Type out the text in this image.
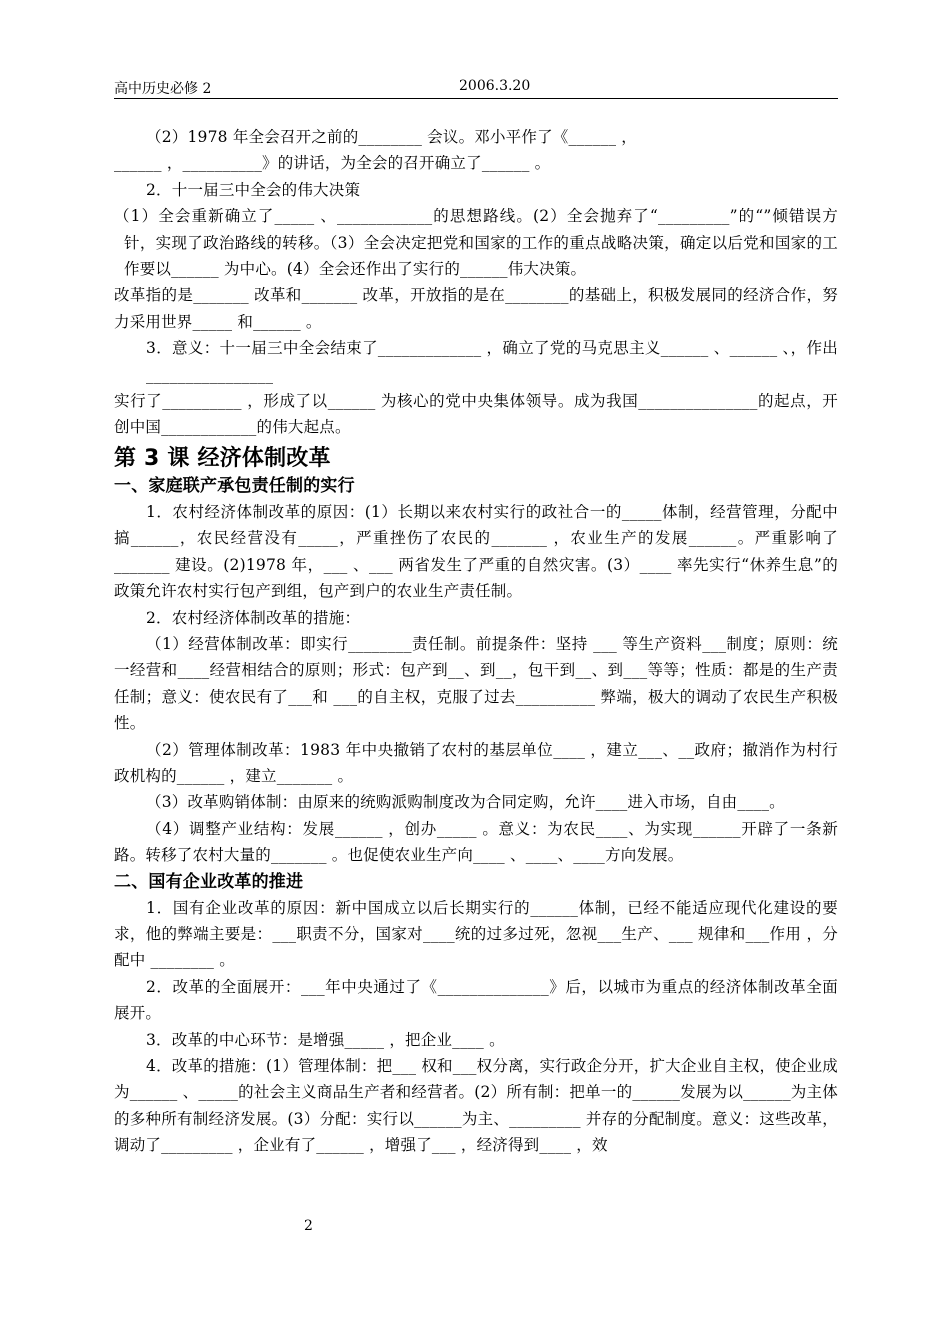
高中历史必修 2	2006.3.20

（2）1978 年全会召开之前的________ 会议。邓小平作了《______ ，

______ ，__________》的讲话，为全会的召开确立了______ 。

2．十一届三中全会的伟大决策

（1）全会重新确立了_____ 、____________的思想路线。(2）全会抛弃了“_________”的“”倾错误方针，实现了政治路线的转移。（3）全会决定把党和国家的工作的重点战略决策，确定以后党和国家的工作要以______ 为中心。(4）全会还作出了实行的______伟大决策。

改革指的是_______ 改革和_______ 改革，开放指的是在________的基础上，积极发展同的经济合作，努力采用世界_____ 和______ 。

3．意义：十一届三中全会结束了_____________ ，确立了党的马克思主义______ 、______ 、，作出________________

实行了__________ ，形成了以______ 为核心的党中央集体领导。成为我国_______________的起点，开创中国____________的伟大起点。

第 3 课 经济体制改革

一、家庭联产承包责任制的实行

1．农村经济体制改革的原因：(1）长期以来农村实行的政社合一的_____体制，经营管理，分配中搞______，农民经营没有_____，严重挫伤了农民的_______ ，农业生产的发展______。严重影响了_______ 建设。(2)1978 年，___ 、___ 两省发生了严重的自然灾害。(3）____ 率先实行“休养生息”的政策允许农村实行包产到组，包产到户的农业生产责任制。

2．农村经济体制改革的措施：

（1）经营体制改革：即实行________责任制。前提条件：坚持 ___ 等生产资料___制度；原则：统一经营和____经营相结合的原则；形式：包产到__、到__，包干到__、到___等等；性质：都是的生产责任制；意义：使农民有了___和 ___的自主权，克服了过去__________ 弊端，极大的调动了农民生产积极性。

（2）管理体制改革：1983 年中央撤销了农村的基层单位____ ，建立___、__政府；撤消作为村行政机构的______ ，建立_______ 。

（3）改革购销体制：由原来的统购派购制度改为合同定购，允许____进入市场，自由____。

（4）调整产业结构：发展______ ，创办_____ 。意义：为农民____、为实现______开辟了一条新路。转移了农村大量的_______ 。也促使农业生产向____ 、____、____方向发展。

二、国有企业改革的推进

1．国有企业改革的原因：新中国成立以后长期实行的______体制，已经不能适应现代化建设的要求，他的弊端主要是：___职责不分，国家对____统的过多过死，忽视___生产、___ 规律和___作用 ，分配中 ________ 。

2．改革的全面展开：___年中央通过了《______________》后，以城市为重点的经济体制改革全面展开。

3．改革的中心环节：是增强_____ ，把企业____ 。

4．改革的措施：(1）管理体制：把___ 权和___权分离，实行政企分开，扩大企业自主权，使企业成为______ 、_____的社会主义商品生产者和经营者。(2）所有制：把单一的______发展为以______为主体的多种所有制经济发展。(3）分配：实行以______为主、_________ 并存的分配制度。意义：这些改革，调动了_________ ，企业有了______ ，增强了___ ，经济得到____ ，效

2
